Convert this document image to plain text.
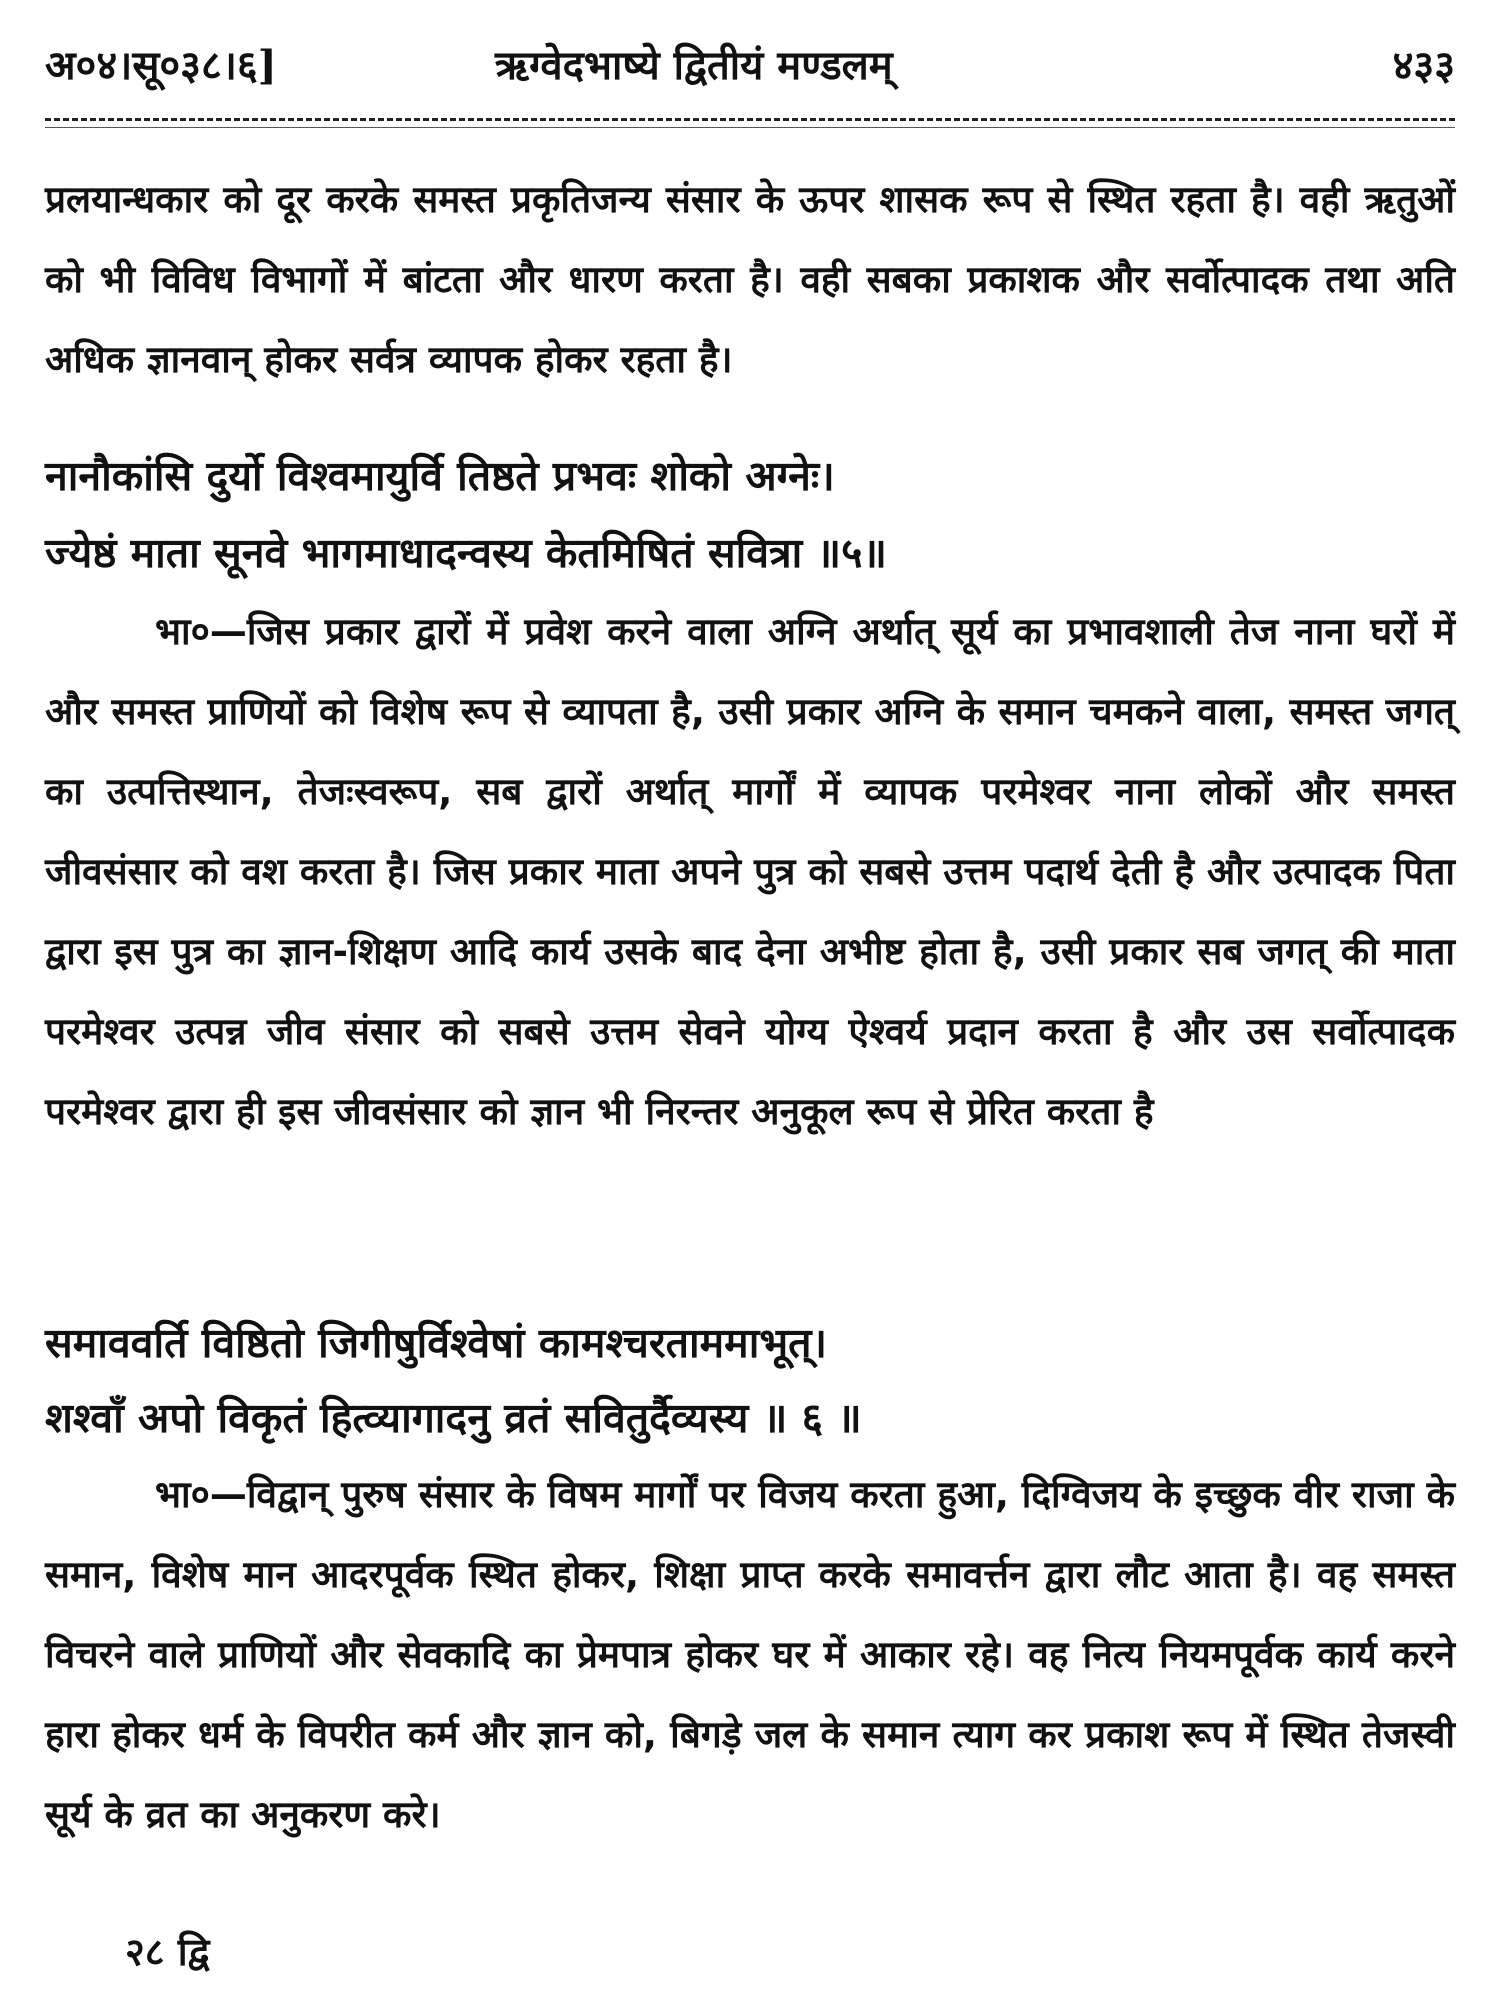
अ०४।सू०३८।६]	ऋग्वेदभाष्ये द्वितीयं मण्डलम्	४३३

प्रलयान्धकार को दूर करके समस्त प्रकृतिजन्य संसार के ऊपर शासक रूप से स्थित रहता है। वही ऋतुओं को भी विविध विभागों में बांटता और धारण करता है। वही सबका प्रकाशक और सर्वोत्पादक तथा अति अधिक ज्ञानवान् होकर सर्वत्र व्यापक होकर रहता है।

नानौकांसि दुर्यो विश्वमायुर्वि तिष्ठते प्रभवः शोको अग्नेः।
ज्येष्ठं माता सूनवे भागमाधादन्वस्य केतमिषितं सवित्रा ॥५॥

भा०—जिस प्रकार द्वारों में प्रवेश करने वाला अग्नि अर्थात् सूर्य का प्रभावशाली तेज नाना घरों में और समस्त प्राणियों को विशेष रूप से व्यापता है, उसी प्रकार अग्नि के समान चमकने वाला, समस्त जगत् का उत्पत्तिस्थान, तेजःस्वरूप, सब द्वारों अर्थात् मार्गों में व्यापक परमेश्वर नाना लोकों और समस्त जीवसंसार को वश करता है। जिस प्रकार माता अपने पुत्र को सबसे उत्तम पदार्थ देती है और उत्पादक पिता द्वारा इस पुत्र का ज्ञान-शिक्षण आदि कार्य उसके बाद देना अभीष्ट होता है, उसी प्रकार सब जगत् की माता परमेश्वर उत्पन्न जीव संसार को सबसे उत्तम सेवने योग्य ऐश्वर्य प्रदान करता है और उस सर्वोत्पादक परमेश्वर द्वारा ही इस जीवसंसार को ज्ञान भी निरन्तर अनुकूल रूप से प्रेरित करता है

समाववर्ति विष्ठितो जिगीषुर्विश्वेषां कामश्चरताममाभूत्।
शश्वाँ अपो विकृतं हित्व्यागादनु व्रतं सवितुर्दैव्यस्य ॥ ६ ॥

भा०—विद्वान् पुरुष संसार के विषम मार्गों पर विजय करता हुआ, दिग्विजय के इच्छुक वीर राजा के समान, विशेष मान आदरपूर्वक स्थित होकर, शिक्षा प्राप्त करके समावर्त्तन द्वारा लौट आता है। वह समस्त विचरने वाले प्राणियों और सेवकादि का प्रेमपात्र होकर घर में आकार रहे। वह नित्य नियमपूर्वक कार्य करने हारा होकर धर्म के विपरीत कर्म और ज्ञान को, बिगड़े जल के समान त्याग कर प्रकाश रूप में स्थित तेजस्वी सूर्य के व्रत का अनुकरण करे।

२८ द्वि
